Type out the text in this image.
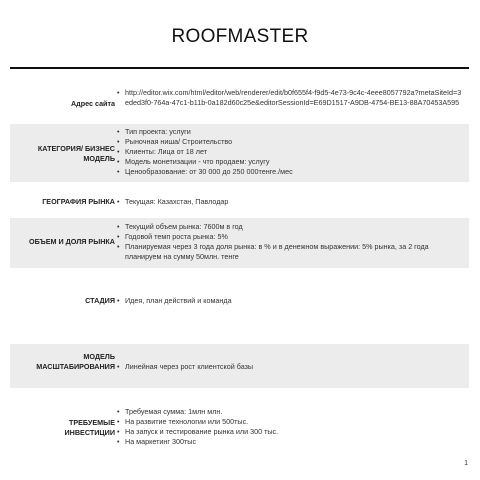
ROOFMASTER
Адрес сайта
• http://editor.wix.com/html/editor/web/renderer/edit/b0f655f4-f9d5-4e73-9c4c-4eee8057792a?metaSiteId=3eded3f0-764a-47c1-b11b-0a182d60c25e&editorSessionId=E69D1517-A9DB-4754-BE13-88A70453A595
КАТЕГОРИЯ/ БИЗНЕС МОДЕЛЬ
• Тип проекта: услуги
• Рыночная ниша/ Строительство
• Клиенты: Лица от 18 лет
• Модель монетизации - что продаем: услугу
• Ценообразование: от 30 000 до 250 000тенге./мес
ГЕОГРАФИЯ РЫНКА	• Текущая: Казахстан, Павлодар
ОБЪЕМ И ДОЛЯ РЫНКА
• Текущий объем рынка: 7600м в год
• Годовой темп роста рынка: 5%
• Планируемая через 3 года доля рынка: в % и в денежном выражении: 5% рынка, за 2 года планируем на сумму 50млн. тенге
СТАДИЯ	• Идея, план действий и команда
МОДЕЛЬ МАСШТАБИРОВАНИЯ	• Линейная через рост клиентской базы
ТРЕБУЕМЫЕ ИНВЕСТИЦИИ
• Требуемая сумма: 1млн млн.
• На развитие технологии или 500тыс.
• На запуск и тестирование рынка или 300 тыс.
• На маркетинг 300тыс
1
